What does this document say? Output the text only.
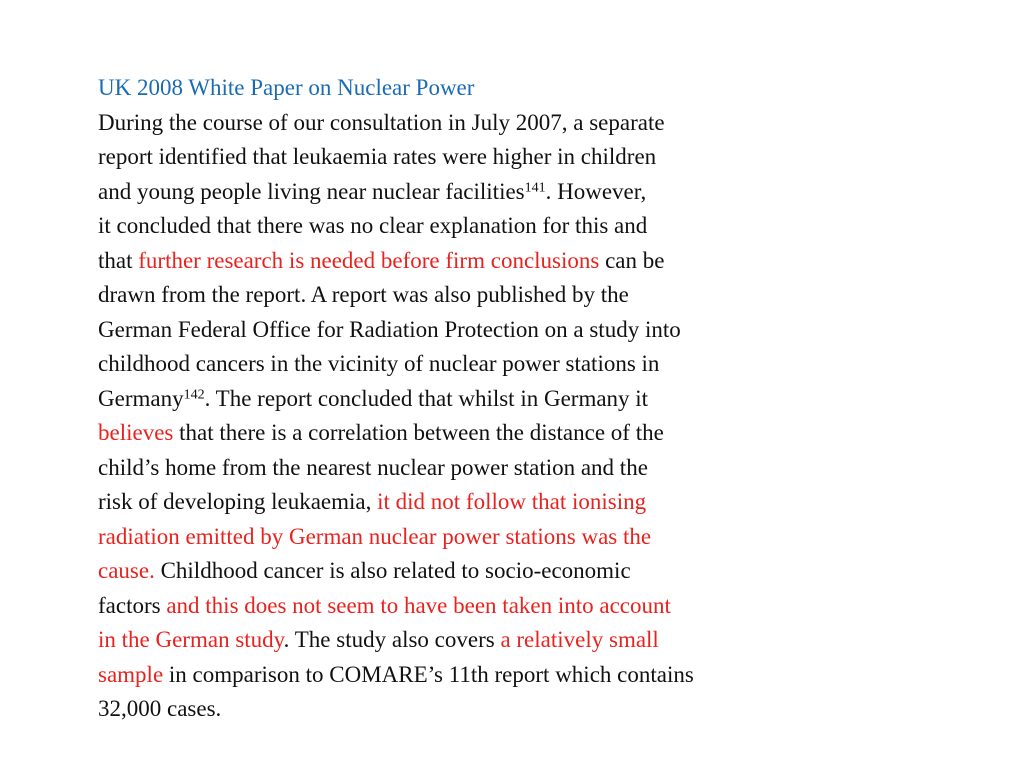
UK 2008 White Paper on Nuclear Power
During the course of our consultation in July 2007, a separate
report identified that leukaemia rates were higher in children
and young people living near nuclear facilities$^{141}$. However,
it concluded that there was no clear explanation for this and
that further research is needed before firm conclusions can be
drawn from the report. A report was also published by the
German Federal Office for Radiation Protection on a study into
childhood cancers in the vicinity of nuclear power stations in
Germany$^{142}$. The report concluded that whilst in Germany it
believes that there is a correlation between the distance of the
child’s home from the nearest nuclear power station and the
risk of developing leukaemia, it did not follow that ionising
radiation emitted by German nuclear power stations was the
cause. Childhood cancer is also related to socio-economic
factors and this does not seem to have been taken into account
in the German study. The study also covers a relatively small
sample in comparison to COMARE’s 11th report which contains
32,000 cases.
